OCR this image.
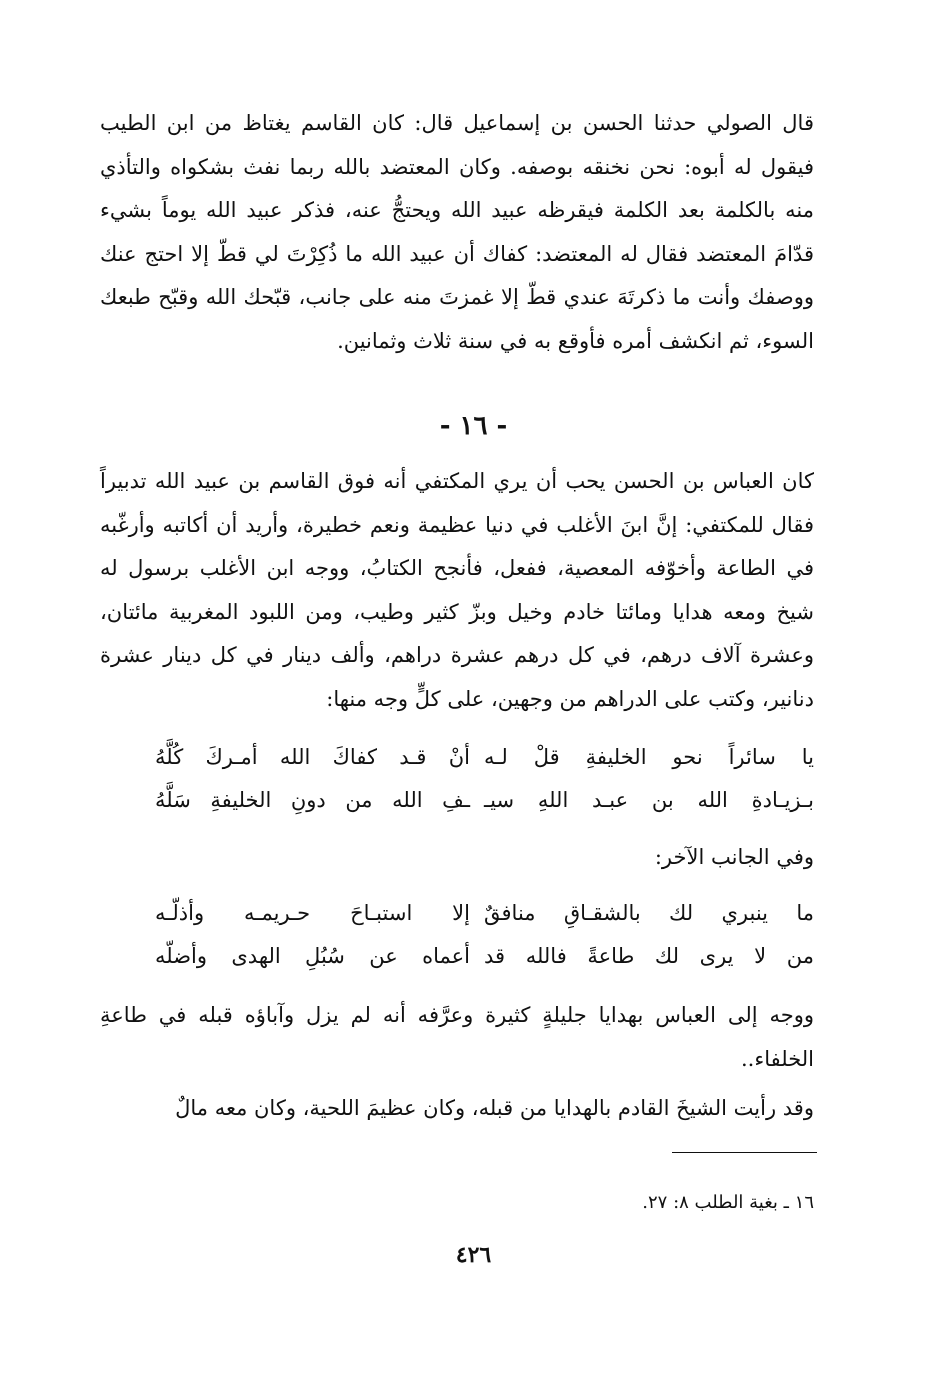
قال الصولي حدثنا الحسن بن إسماعيل قال: كان القاسم يغتاظ من ابن الطيب فيقول له أبوه: نحن نخنقه بوصفه. وكان المعتضد بالله ربما نفث بشكواه والتأذي منه بالكلمة بعد الكلمة فيقرظه عبيد الله ويحتجُّ عنه، فذكر عبيد الله يوماً بشيء قدّامَ المعتضد فقال له المعتضد: كفاك أن عبيد الله ما ذُكِرْتَ لي قطّ إلا احتج عنك ووصفك وأنت ما ذكرتَهَ عندي قطّ إلا غمزتَ منه على جانب، قبّحك الله وقبّح طبعك السوء، ثم انكشف أمره فأوقع به في سنة ثلاث وثمانين.

- ١٦ -

كان العباس بن الحسن يحب أن يري المكتفي أنه فوق القاسم بن عبيد الله تدبيراً فقال للمكتفي: إنَّ ابنَ الأغلب في دنيا عظيمة ونعم خطيرة، وأريد أن أكاتبه وأرغّبه في الطاعة وأخوّفه المعصية، ففعل، فأنجح الكتابُ، ووجه ابن الأغلب برسول له شيخ ومعه هدايا ومائتا خادم وخيل وبزّ كثير وطيب، ومن اللبود المغربية مائتان، وعشرة آلاف درهم، في كل درهم عشرة دراهم، وألف دينار في كل دينار عشرة دنانير، وكتب على الدراهم من وجهين، على كلٍّ وجه منها:

يا سائراً نحو الخليفةِ قلْ لـه
أنْ قـد كفاكَ الله أمـركَ كُلَّهُ
بـزيـادةِ الله بن عبـد اللهِ سيـ
ـفِ الله من دونِ الخليفةِ سَلَّهُ
وفي الجانب الآخر:
ما ينبري لك بالشقـاقِ منافقٌ
إلا استبـاحَ حـريمـه وأذلّـه
من لا يرى لك طاعةً فالله قد
أعماه عن سُبُلِ الهدى وأضلّه

ووجه إلى العباس بهدايا جليلةٍ كثيرة وعرَّفه أنه لم يزل وآباؤه قبله في طاعةِ الخلفاء..

وقد رأيت الشيخَ القادم بالهدايا من قبله، وكان عظيمَ اللحية، وكان معه مالٌ
١٦ ـ بغية الطلب ٨: ٢٧.
٤٢٦
